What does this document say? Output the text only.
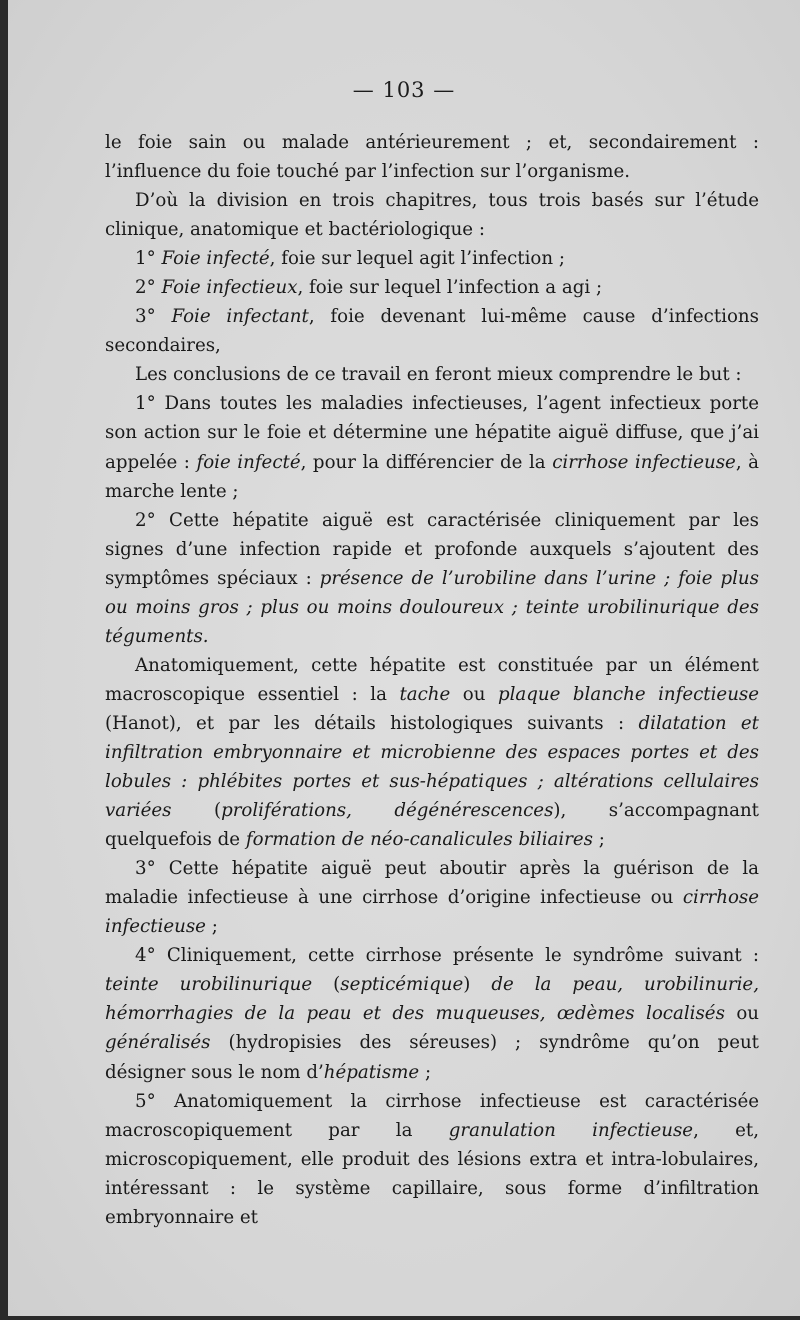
— 103 —

le foie sain ou malade antérieurement ; et, secondairement : l’influence du foie touché par l’infection sur l’organisme.

D’où la division en trois chapitres, tous trois basés sur l’étude clinique, anatomique et bactériologique :

1° Foie infecté, foie sur lequel agit l’infection ;

2° Foie infectieux, foie sur lequel l’infection a agi ;

3° Foie infectant, foie devenant lui-même cause d’infections secondaires,

Les conclusions de ce travail en feront mieux comprendre le but :

1° Dans toutes les maladies infectieuses, l’agent infectieux porte son action sur le foie et détermine une hépatite aiguë diffuse, que j’ai appelée : foie infecté, pour la différencier de la cirrhose infectieuse, à marche lente ;

2° Cette hépatite aiguë est caractérisée cliniquement par les signes d’une infection rapide et profonde auxquels s’ajoutent des symptômes spéciaux : présence de l’urobiline dans l’urine ; foie plus ou moins gros ; plus ou moins douloureux ; teinte urobilinurique des téguments.

Anatomiquement, cette hépatite est constituée par un élément macroscopique essentiel : la tache ou plaque blanche infectieuse (Hanot), et par les détails histologiques suivants : dilatation et infiltration embryonnaire et microbienne des espaces portes et des lobules : phlébites portes et sus-hépatiques ; altérations cellulaires variées (proliférations, dégénérescences), s’accompagnant quelquefois de formation de néo-canalicules biliaires ;

3° Cette hépatite aiguë peut aboutir après la guérison de la maladie infectieuse à une cirrhose d’origine infectieuse ou cirrhose infectieuse ;

4° Cliniquement, cette cirrhose présente le syndrôme suivant : teinte urobilinurique (septicémique) de la peau, urobilinurie, hémorrhagies de la peau et des muqueuses, œdèmes localisés ou généralisés (hydropisies des séreuses) ; syndrôme qu’on peut désigner sous le nom d’hépatisme ;

5° Anatomiquement la cirrhose infectieuse est caractérisée macroscopiquement par la granulation infectieuse, et, microscopiquement, elle produit des lésions extra et intra-lobulaires, intéressant : le système capillaire, sous forme d’infiltration embryonnaire et
